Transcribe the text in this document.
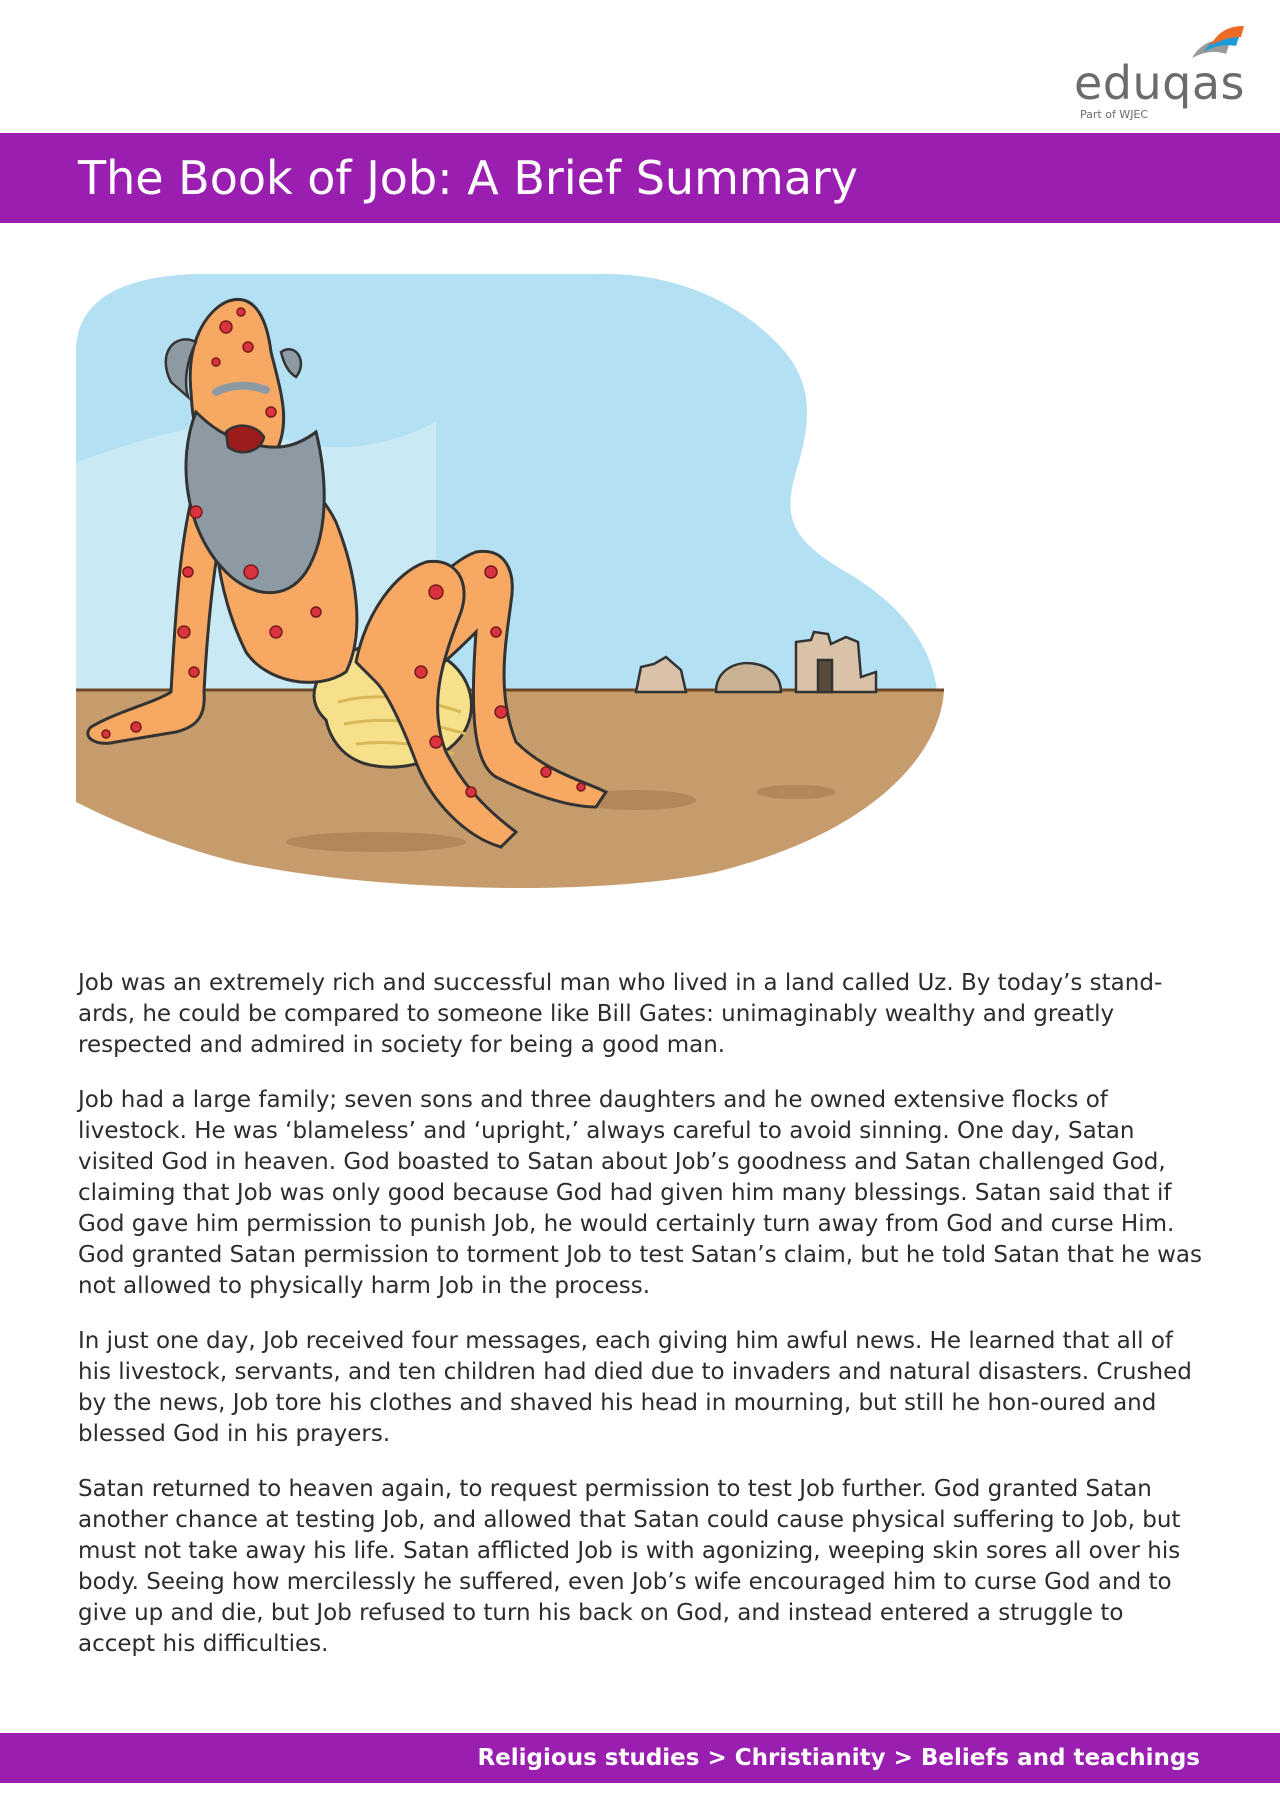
eduqas
Part of WJEC
The Book of Job: A Brief Summary

Job was an extremely rich and successful man who lived in a land called Uz. By today’s stand-ards, he could be compared to someone like Bill Gates: unimaginably wealthy and greatly respected and admired in society for being a good man.

Job had a large family; seven sons and three daughters and he owned extensive flocks of livestock. He was ‘blameless’ and ‘upright,’ always careful to avoid sinning. One day, Satan visited God in heaven. God boasted to Satan about Job’s goodness and Satan challenged God, claiming that Job was only good because God had given him many blessings. Satan said that if God gave him permission to punish Job, he would certainly turn away from God and curse Him. God granted Satan permission to torment Job to test Satan’s claim, but he told Satan that he was not allowed to physically harm Job in the process.

In just one day, Job received four messages, each giving him awful news. He learned that all of his livestock, servants, and ten children had died due to invaders and natural disasters. Crushed by the news, Job tore his clothes and shaved his head in mourning, but still he hon-oured and blessed God in his prayers.

Satan returned to heaven again, to request permission to test Job further. God granted Satan another chance at testing Job, and allowed that Satan could cause physical suffering to Job, but must not take away his life. Satan afflicted Job is with agonizing, weeping skin sores all over his body. Seeing how mercilessly he suffered, even Job’s wife encouraged him to curse God and to give up and die, but Job refused to turn his back on God, and instead entered a struggle to accept his difficulties.

Religious studies > Christianity > Beliefs and teachings
